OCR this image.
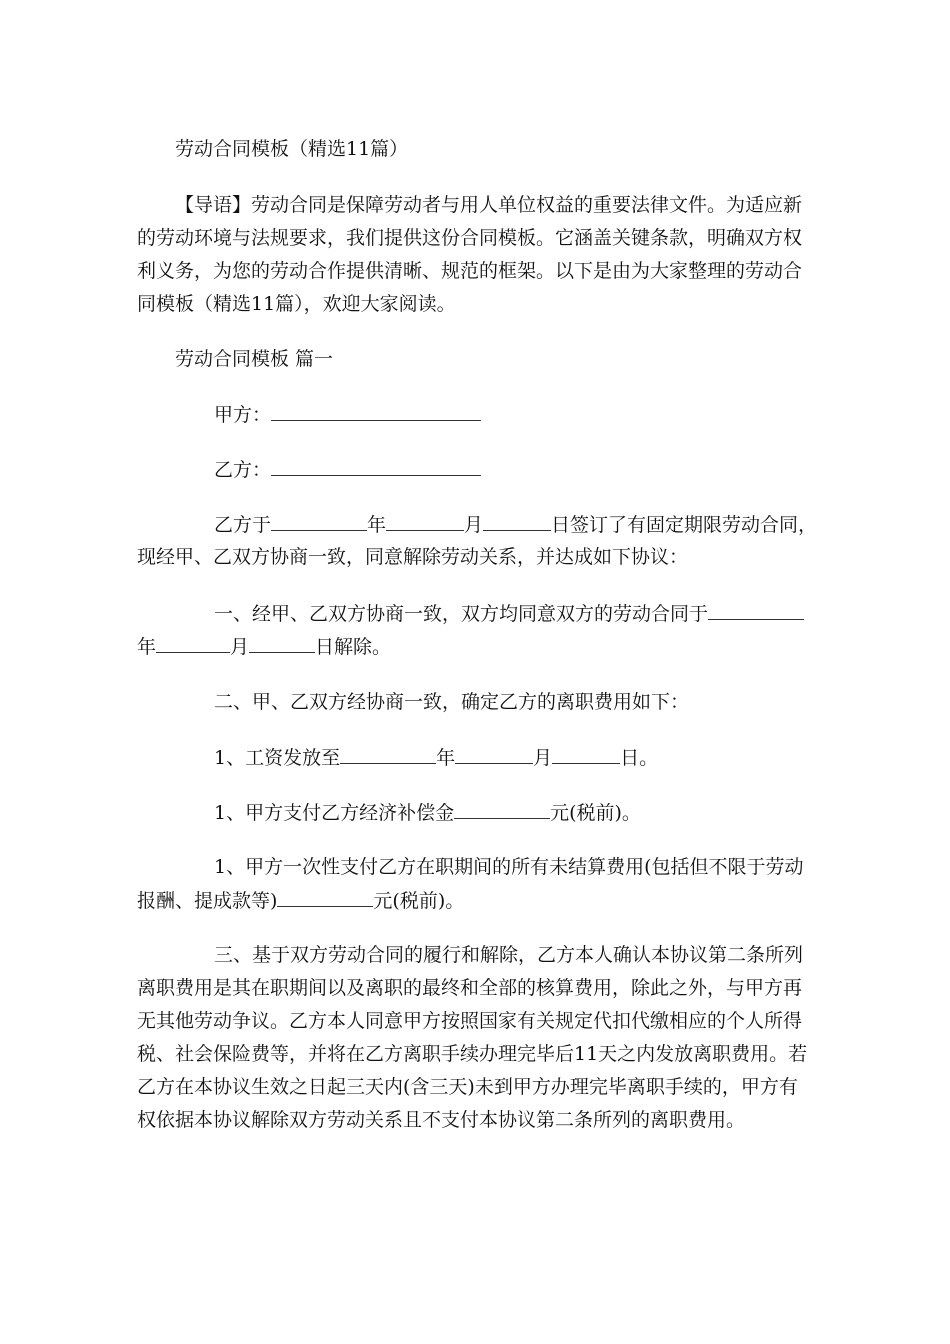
劳动合同模板（精选11篇）
【导语】劳动合同是保障劳动者与用人单位权益的重要法律文件。为适应新
的劳动环境与法规要求，我们提供这份合同模板。它涵盖关键条款，明确双方权
利义务，为您的劳动合作提供清晰、规范的框架。以下是由为大家整理的劳动合
同模板（精选11篇），欢迎大家阅读。
劳动合同模板 篇一
甲方：
乙方：
乙方于	年	月	日签订了有固定期限劳动合同，
现经甲、乙双方协商一致，同意解除劳动关系，并达成如下协议：
一、经甲、乙双方协商一致，双方均同意双方的劳动合同于
年	月	日解除。
二、甲、乙双方经协商一致，确定乙方的离职费用如下：
1、工资发放至	年	月	日。
1、甲方支付乙方经济补偿金	元(税前)。
1、甲方一次性支付乙方在职期间的所有未结算费用(包括但不限于劳动
报酬、提成款等)	元(税前)。
三、基于双方劳动合同的履行和解除，乙方本人确认本协议第二条所列
离职费用是其在职期间以及离职的最终和全部的核算费用，除此之外，与甲方再
无其他劳动争议。乙方本人同意甲方按照国家有关规定代扣代缴相应的个人所得
税、社会保险费等，并将在乙方离职手续办理完毕后11天之内发放离职费用。若
乙方在本协议生效之日起三天内(含三天)未到甲方办理完毕离职手续的，甲方有
权依据本协议解除双方劳动关系且不支付本协议第二条所列的离职费用。
